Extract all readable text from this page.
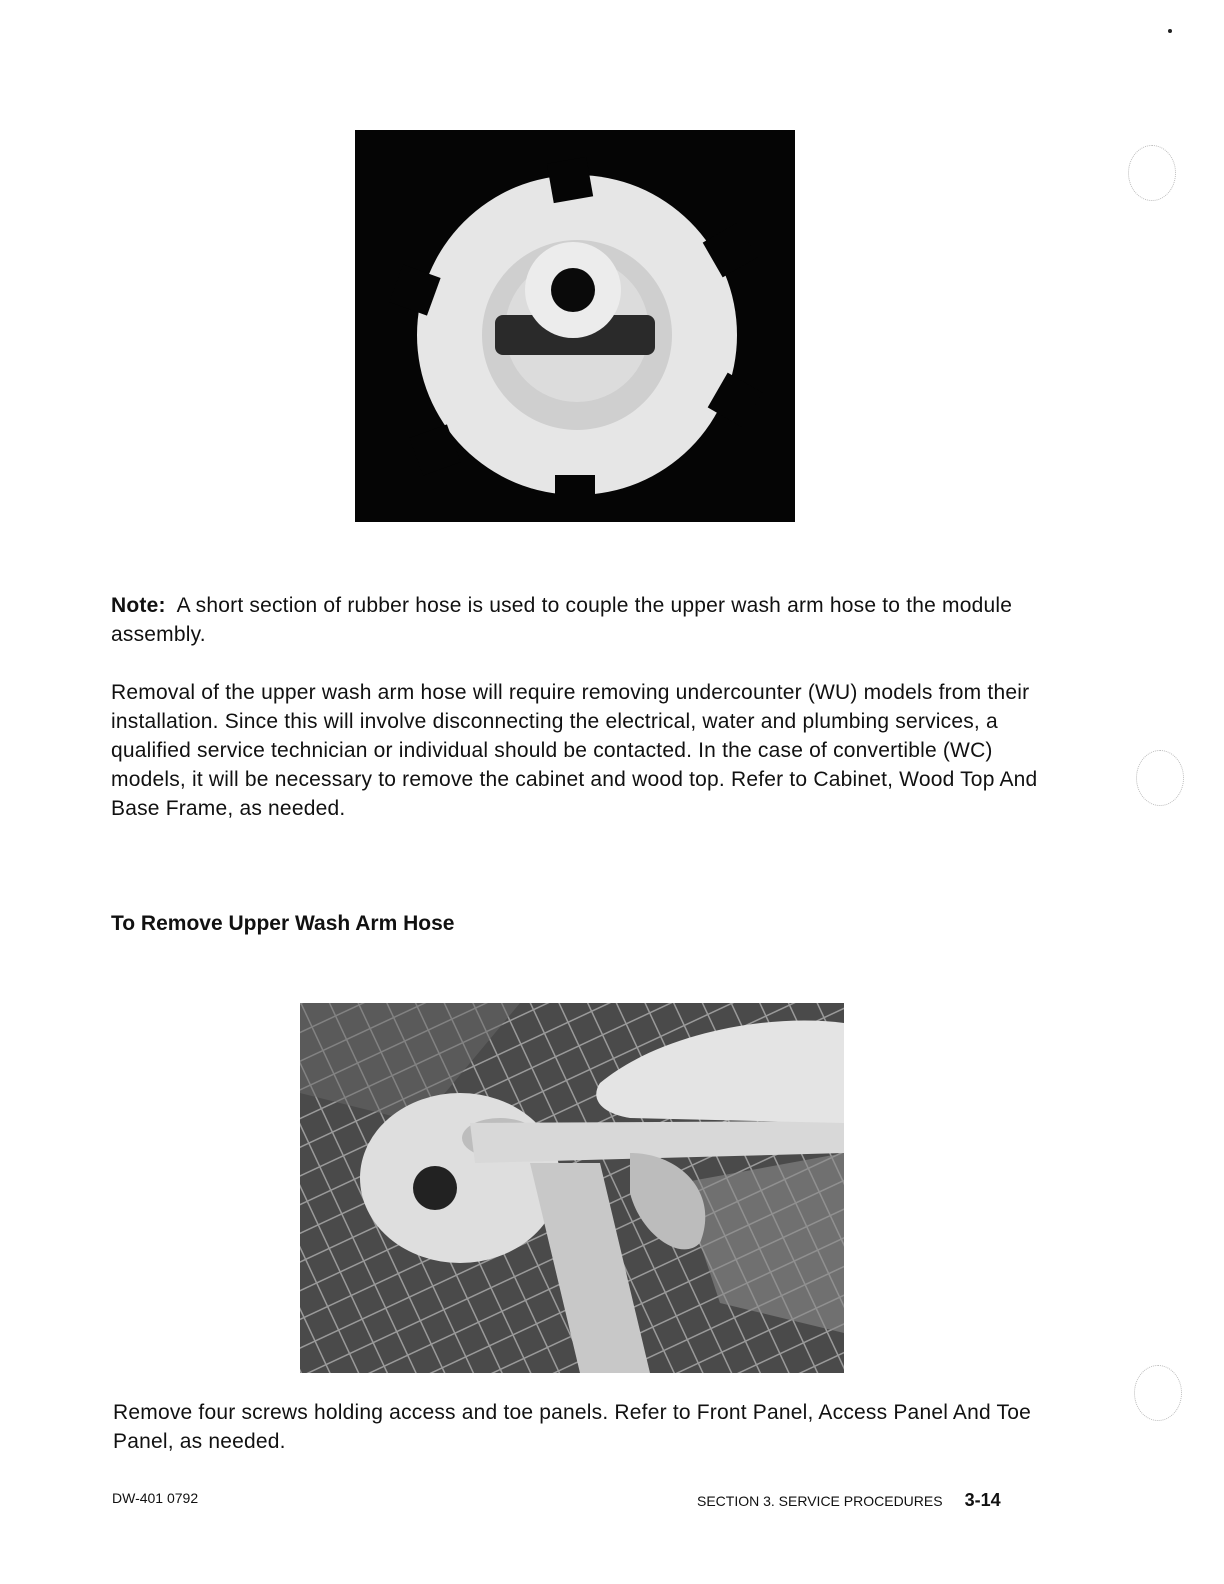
Note: A short section of rubber hose is used to couple the upper wash arm hose to the module assembly.

Removal of the upper wash arm hose will require removing undercounter (WU) models from their installation. Since this will involve disconnecting the electrical, water and plumbing services, a qualified service technician or individual should be contacted. In the case of convertible (WC) models, it will be necessary to remove the cabinet and wood top. Refer to Cabinet, Wood Top And Base Frame, as needed.

To Remove Upper Wash Arm Hose

Remove four screws holding access and toe panels. Refer to Front Panel, Access Panel And Toe Panel, as needed.

DW-401 0792	SECTION 3. SERVICE PROCEDURES 3-14
